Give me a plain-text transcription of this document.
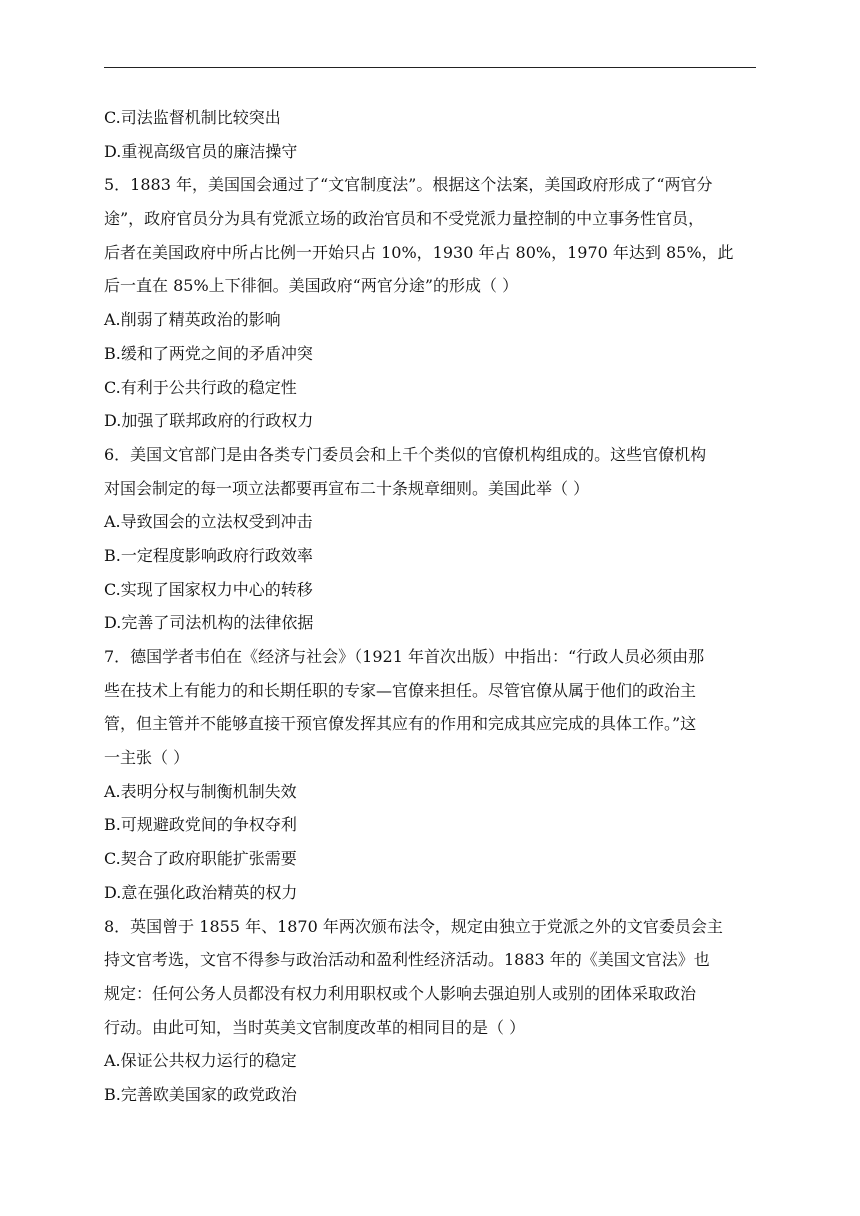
C.司法监督机制比较突出
D.重视高级官员的廉洁操守
5．1883 年，美国国会通过了“文官制度法”。根据这个法案，美国政府形成了“两官分
途”，政府官员分为具有党派立场的政治官员和不受党派力量控制的中立事务性官员，
后者在美国政府中所占比例一开始只占 10%，1930 年占 80%，1970 年达到 85%，此
后一直在 85%上下徘徊。美国政府“两官分途”的形成（ ）
A.削弱了精英政治的影响
B.缓和了两党之间的矛盾冲突
C.有利于公共行政的稳定性
D.加强了联邦政府的行政权力
6．美国文官部门是由各类专门委员会和上千个类似的官僚机构组成的。这些官僚机构
对国会制定的每一项立法都要再宣布二十条规章细则。美国此举（ ）
A.导致国会的立法权受到冲击
B.一定程度影响政府行政效率
C.实现了国家权力中心的转移
D.完善了司法机构的法律依据
7．德国学者韦伯在《经济与社会》（1921 年首次出版）中指出：“行政人员必须由那
些在技术上有能力的和长期任职的专家—官僚来担任。尽管官僚从属于他们的政治主
管，但主管并不能够直接干预官僚发挥其应有的作用和完成其应完成的具体工作。”这
一主张（ ）
A.表明分权与制衡机制失效
B.可规避政党间的争权夺利
C.契合了政府职能扩张需要
D.意在强化政治精英的权力
8．英国曾于 1855 年、1870 年两次颁布法令，规定由独立于党派之外的文官委员会主
持文官考选，文官不得参与政治活动和盈利性经济活动。1883 年的《美国文官法》也
规定：任何公务人员都没有权力利用职权或个人影响去强迫别人或别的团体采取政治
行动。由此可知，当时英美文官制度改革的相同目的是（ ）
A.保证公共权力运行的稳定
B.完善欧美国家的政党政治
